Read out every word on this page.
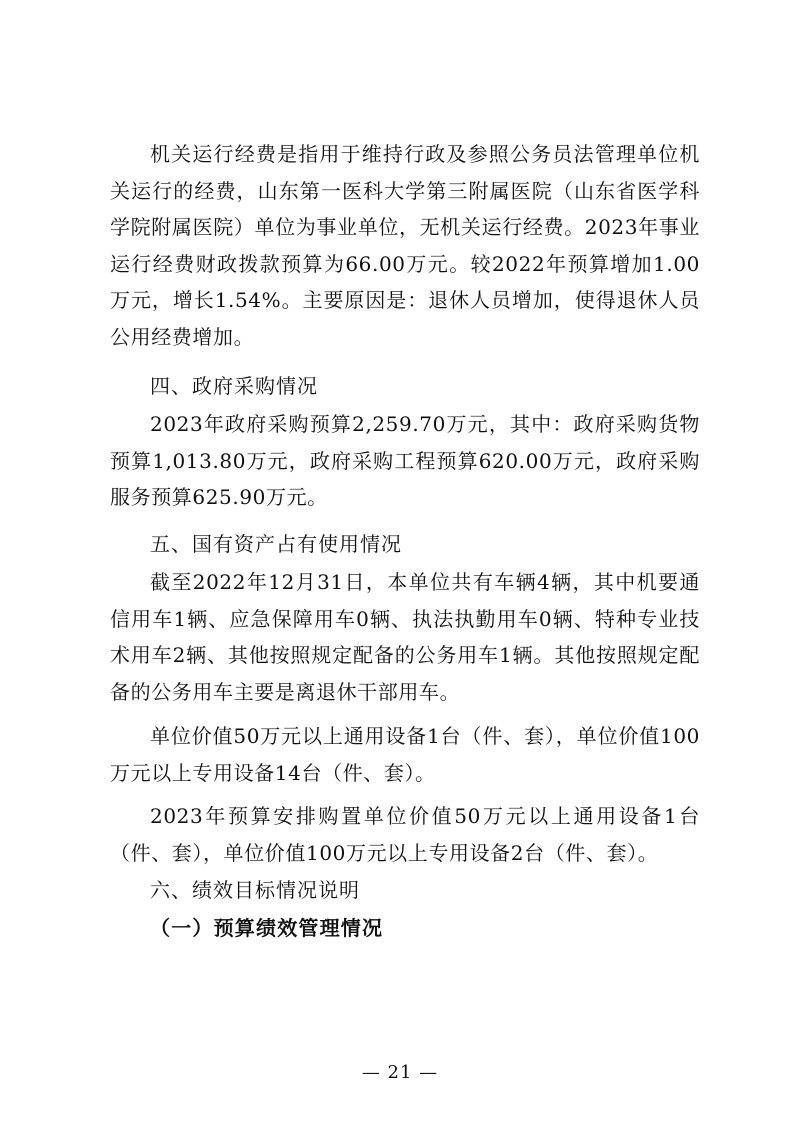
机关运行经费是指用于维持行政及参照公务员法管理单位机关运行的经费，山东第一医科大学第三附属医院（山东省医学科学院附属医院）单位为事业单位，无机关运行经费。2023年事业运行经费财政拨款预算为66.00万元。较2022年预算增加1.00万元，增长1.54%。主要原因是：退休人员增加，使得退休人员公用经费增加。

四、政府采购情况

2023年政府采购预算2,259.70万元，其中：政府采购货物预算1,013.80万元，政府采购工程预算620.00万元，政府采购服务预算625.90万元。

五、国有资产占有使用情况

截至2022年12月31日，本单位共有车辆4辆，其中机要通信用车1辆、应急保障用车0辆、执法执勤用车0辆、特种专业技术用车2辆、其他按照规定配备的公务用车1辆。其他按照规定配备的公务用车主要是离退休干部用车。

单位价值50万元以上通用设备1台（件、套），单位价值100万元以上专用设备14台（件、套）。

2023年预算安排购置单位价值50万元以上通用设备1台（件、套），单位价值100万元以上专用设备2台（件、套）。

六、绩效目标情况说明
（一）预算绩效管理情况
— 21 —
